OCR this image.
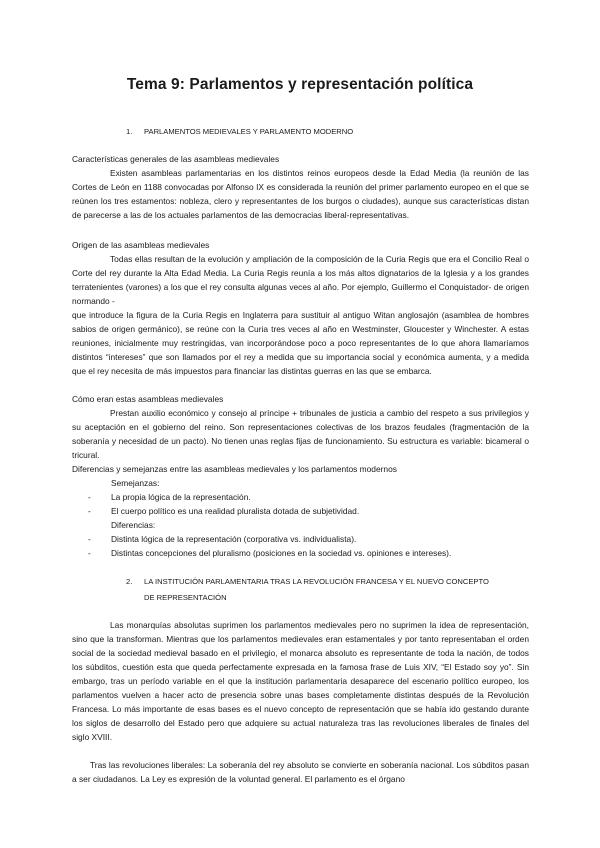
Tema 9: Parlamentos y representación política
1. PARLAMENTOS MEDIEVALES Y PARLAMENTO MODERNO
Características generales de las asambleas medievales
Existen asambleas parlamentarias en los distintos reinos europeos desde la Edad Media (la reunión de las Cortes de León en 1188 convocadas por Alfonso IX es considerada la reunión del primer parlamento europeo en el que se reúnen los tres estamentos: nobleza, clero y representantes de los burgos o ciudades), aunque sus características distan de parecerse a las de los actuales parlamentos de las democracias liberal-representativas.
Origen de las asambleas medievales
Todas ellas resultan de la evolución y ampliación de la composición de la Curia Regis que era el Concilio Real o Corte del rey durante la Alta Edad Media. La Curia Regis reunía a los más altos dignatarios de la Iglesia y a los grandes terratenientes (varones) a los que el rey consulta algunas veces al año. Por ejemplo, Guillermo el Conquistador- de origen normando -
que introduce la figura de la Curia Regis en Inglaterra para sustituir al antiguo Witan anglosajón (asamblea de hombres sabios de origen germánico), se reúne con la Curia tres veces al año en Westminster, Gloucester y Winchester. A estas reuniones, inicialmente muy restringidas, van incorporándose poco a poco representantes de lo que ahora llamaríamos distintos “intereses” que son llamados por el rey a medida que su importancia social y económica aumenta, y a medida que el rey necesita de más impuestos para financiar las distintas guerras en las que se embarca.
Cómo eran estas asambleas medievales
Prestan auxilio económico y consejo al príncipe + tribunales de justicia a cambio del respeto a sus privilegios y su aceptación en el gobierno del reino. Son representaciones colectivas de los brazos feudales (fragmentación de la soberanía y necesidad de un pacto). No tienen unas reglas fijas de funcionamiento. Su estructura es variable: bicameral o tricural.
Diferencias y semejanzas entre las asambleas medievales y los parlamentos modernos
Semejanzas:
- La propia lógica de la representación.
- El cuerpo político es una realidad pluralista dotada de subjetividad.
Diferencias:
- Distinta lógica de la representación (corporativa vs. individualista).
- Distintas concepciones del pluralismo (posiciones en la sociedad vs. opiniones e intereses).
2. LA INSTITUCIÓN PARLAMENTARIA TRAS LA REVOLUCIÓN FRANCESA Y EL NUEVO CONCEPTO
DE REPRESENTACIÓN
Las monarquías absolutas suprimen los parlamentos medievales pero no suprimen la idea de representación, sino que la transforman. Mientras que los parlamentos medievales eran estamentales y por tanto representaban el orden social de la sociedad medieval basado en el privilegio, el monarca absoluto es representante de toda la nación, de todos los súbditos, cuestión esta que queda perfectamente expresada en la famosa frase de Luis XIV, “El Estado soy yo”. Sin embargo, tras un período variable en el que la institución parlamentaria desaparece del escenario político europeo, los parlamentos vuelven a hacer acto de presencia sobre unas bases completamente distintas después de la Revolución Francesa. Lo más importante de esas bases es el nuevo concepto de representación que se había ido gestando durante los siglos de desarrollo del Estado pero que adquiere su actual naturaleza tras las revoluciones liberales de finales del siglo XVIII.
Tras las revoluciones liberales: La soberanía del rey absoluto se convierte en soberanía nacional. Los súbditos pasan a ser ciudadanos. La Ley es expresión de la voluntad general. El parlamento es el órgano
